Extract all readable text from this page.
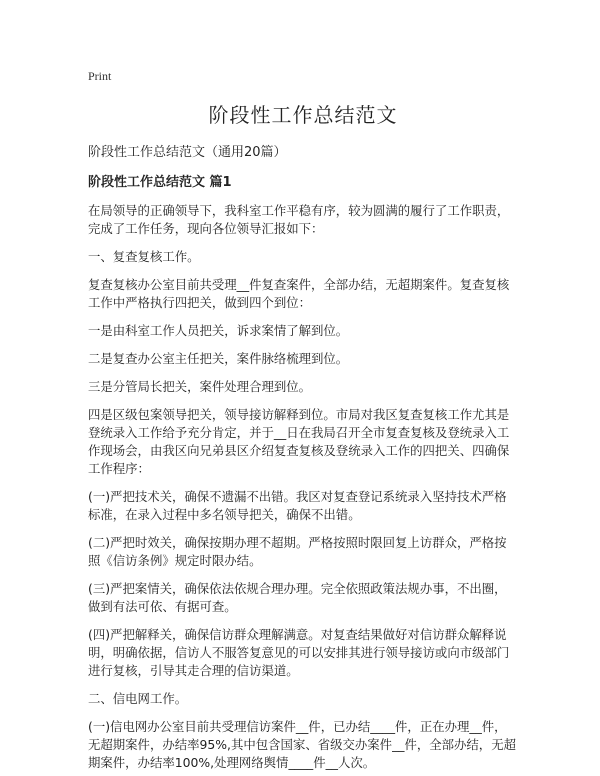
Print
阶段性工作总结范文
阶段性工作总结范文（通用20篇）
阶段性工作总结范文 篇1

在局领导的正确领导下，我科室工作平稳有序，较为圆满的履行了工作职责，完成了工作任务，现向各位领导汇报如下：

一、复查复核工作。

复查复核办公室目前共受理__件复查案件，全部办结，无超期案件。复查复核工作中严格执行四把关，做到四个到位：

一是由科室工作人员把关，诉求案情了解到位。

二是复查办公室主任把关，案件脉络梳理到位。

三是分管局长把关，案件处理合理到位。

四是区级包案领导把关，领导接访解释到位。市局对我区复查复核工作尤其是登统录入工作给予充分肯定，并于__日在我局召开全市复查复核及登统录入工作现场会，由我区向兄弟县区介绍复查复核及登统录入工作的四把关、四确保工作程序：

(一)严把技术关，确保不遗漏不出错。我区对复查登记系统录入坚持技术严格标准，在录入过程中多名领导把关，确保不出错。

(二)严把时效关，确保按期办理不超期。严格按照时限回复上访群众，严格按照《信访条例》规定时限办结。

(三)严把案情关，确保依法依规合理办理。完全依照政策法规办事，不出圈，做到有法可依、有据可查。

(四)严把解释关，确保信访群众理解满意。对复查结果做好对信访群众解释说明，明确依据，信访人不服答复意见的可以安排其进行领导接访或向市级部门进行复核，引导其走合理的信访渠道。

二、信电网工作。

(一)信电网办公室目前共受理信访案件__件，已办结____件，正在办理__件，无超期案件，办结率95%,其中包含国家、省级交办案件__件，全部办结，无超期案件，办结率100%,处理网络舆情____件__人次。
